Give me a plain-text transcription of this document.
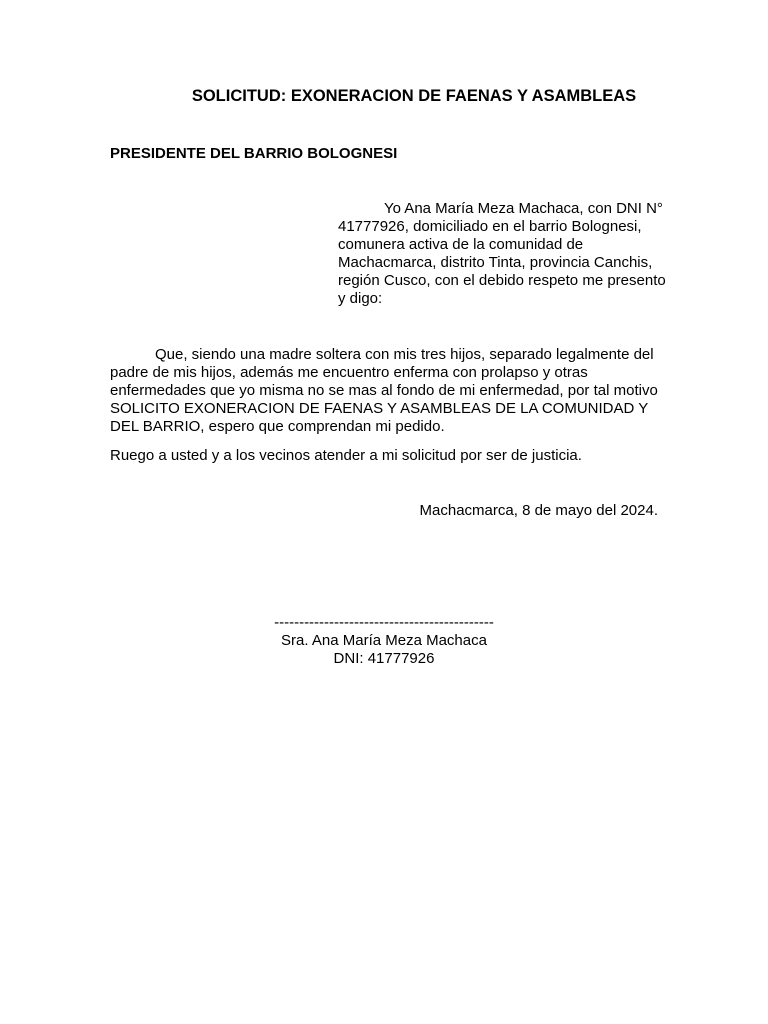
SOLICITUD: EXONERACION DE FAENAS Y ASAMBLEAS
PRESIDENTE DEL BARRIO BOLOGNESI

Yo Ana María Meza Machaca, con DNI N° 41777926, domiciliado en el barrio Bolognesi, comunera activa de la comunidad de Machacmarca, distrito Tinta, provincia Canchis, región Cusco, con el debido respeto me presento y digo:

Que, siendo una madre soltera con mis tres hijos, separado legalmente del padre de mis hijos, además me encuentro enferma con prolapso y otras enfermedades que yo misma no se mas al fondo de mi enfermedad, por tal motivo SOLICITO EXONERACION DE FAENAS Y ASAMBLEAS DE LA COMUNIDAD Y DEL BARRIO, espero que comprendan mi pedido.

Ruego a usted y a los vecinos atender a mi solicitud por ser de justicia.

Machacmarca, 8 de mayo del 2024.
--------------------------------------------
Sra. Ana María Meza Machaca
DNI: 41777926
